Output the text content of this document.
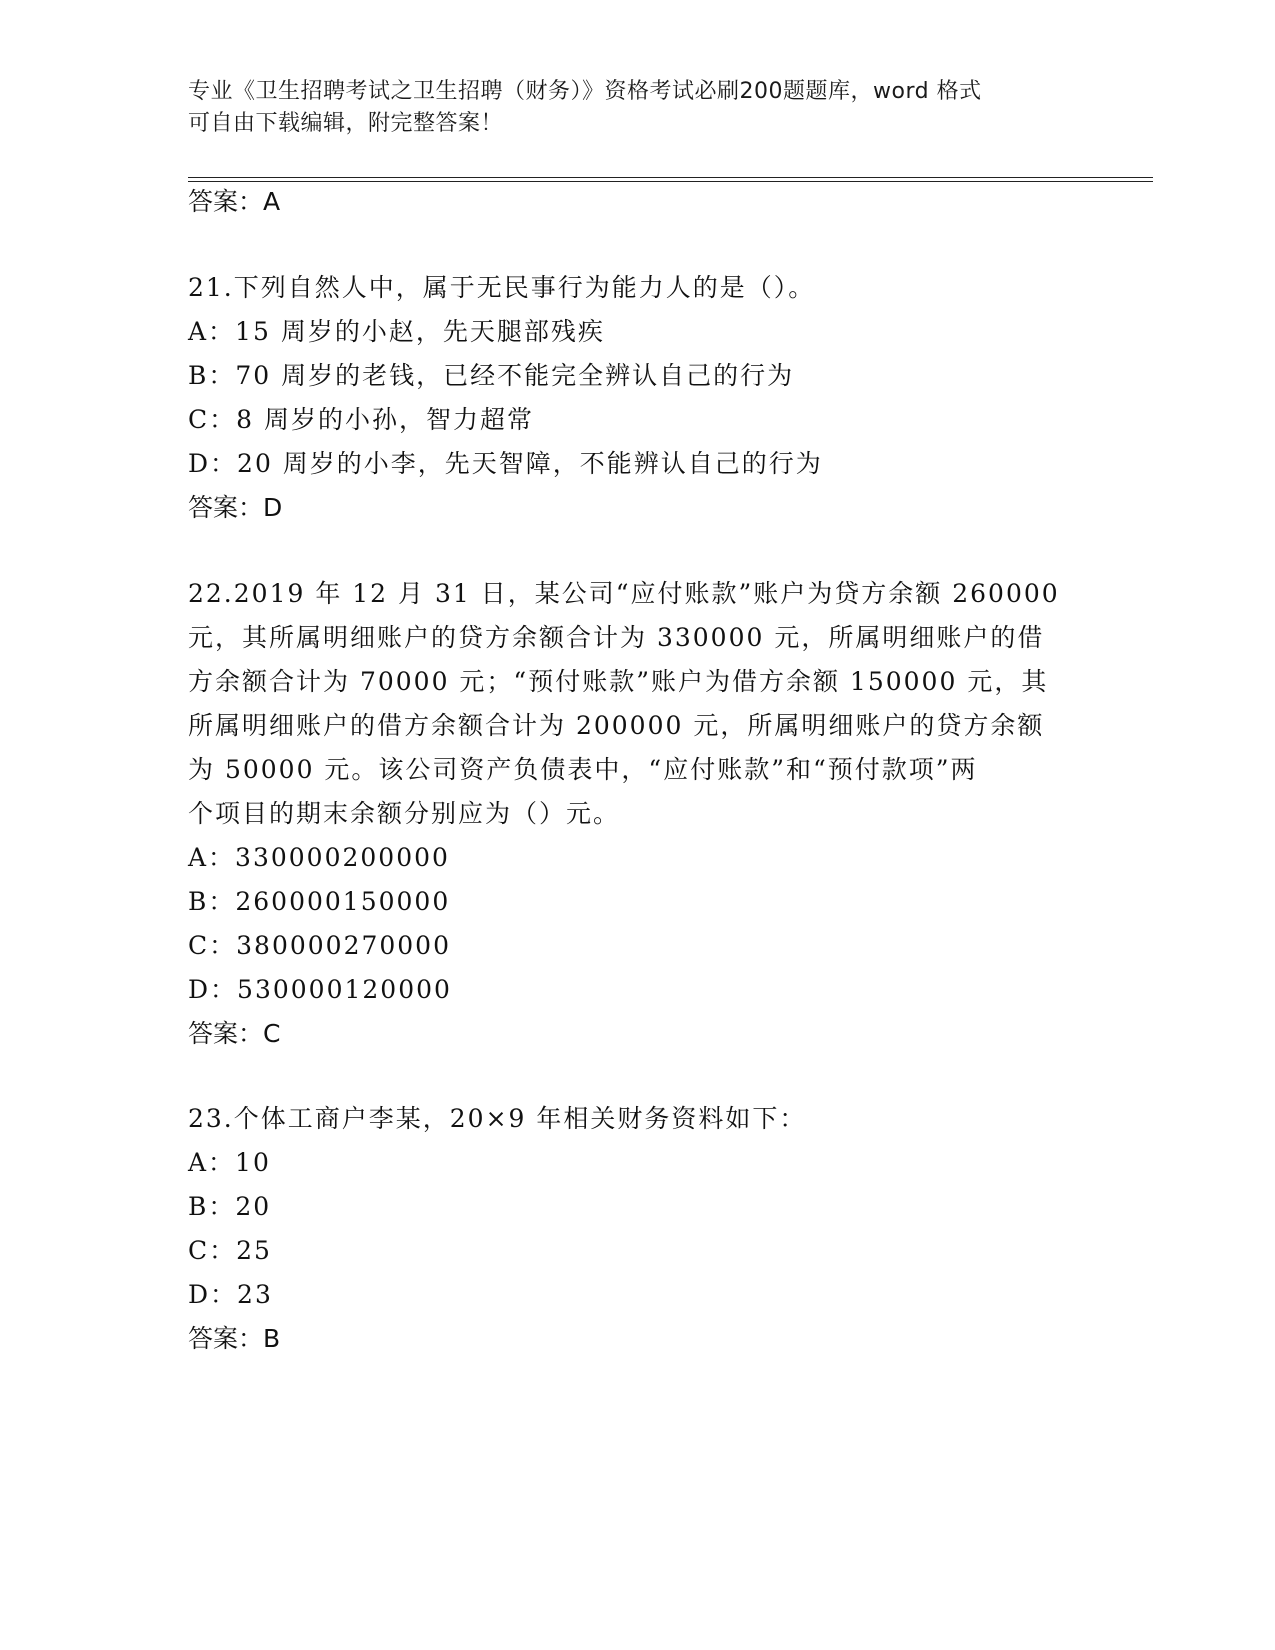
专业《卫生招聘考试之卫生招聘（财务）》资格考试必刷200题题库，word 格式
可自由下载编辑，附完整答案！
答案：A
21.下列自然人中，属于无民事行为能力人的是（）。
A：15 周岁的小赵，先天腿部残疾
B：70 周岁的老钱，已经不能完全辨认自己的行为
C：8 周岁的小孙，智力超常
D：20 周岁的小李，先天智障，不能辨认自己的行为
答案：D
22.2019 年 12 月 31 日，某公司“应付账款”账户为贷方余额 260000
元，其所属明细账户的贷方余额合计为 330000 元，所属明细账户的借
方余额合计为 70000 元；“预付账款”账户为借方余额 150000 元，其
所属明细账户的借方余额合计为 200000 元，所属明细账户的贷方余额
为 50000 元。该公司资产负债表中，“应付账款”和“预付款项”两
个项目的期末余额分别应为（）元。
A：330000200000
B：260000150000
C：380000270000
D：530000120000
答案：C
23.个体工商户李某，20×9 年相关财务资料如下：
A：10
B：20
C：25
D：23
答案：B
